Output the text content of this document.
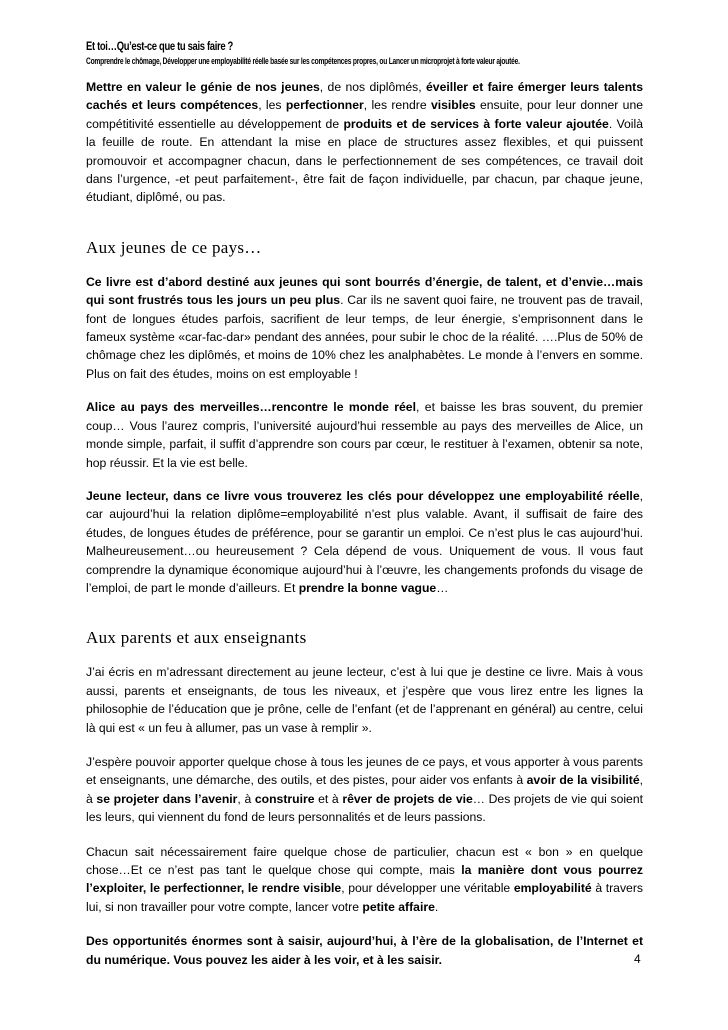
Et toi…Qu’est-ce que tu sais faire ?
Comprendre le chômage, Développer une employabilité réelle basée sur les compétences propres, ou Lancer un microprojet à forte valeur ajoutée.

Mettre en valeur le génie de nos jeunes, de nos diplômés, éveiller et faire émerger leurs talents cachés et leurs compétences, les perfectionner, les rendre visibles ensuite, pour leur donner une compétitivité essentielle au développement de produits et de services à forte valeur ajoutée. Voilà la feuille de route. En attendant la mise en place de structures assez flexibles, et qui puissent promouvoir et accompagner chacun, dans le perfectionnement de ses compétences, ce travail doit dans l’urgence, -et peut parfaitement-, être fait de façon individuelle, par chacun, par chaque jeune, étudiant, diplômé, ou pas.

Aux jeunes de ce pays…

Ce livre est d’abord destiné aux jeunes qui sont bourrés d’énergie, de talent, et d’envie…mais qui sont frustrés tous les jours un peu plus. Car ils ne savent quoi faire, ne trouvent pas de travail, font de longues études parfois, sacrifient de leur temps, de leur énergie, s’emprisonnent dans le fameux système «car-fac-dar» pendant des années, pour subir le choc de la réalité. ….Plus de 50% de chômage chez les diplômés, et moins de 10% chez les analphabètes. Le monde à l’envers en somme. Plus on fait des études, moins on est employable !

Alice au pays des merveilles…rencontre le monde réel, et baisse les bras souvent, du premier coup… Vous l’aurez compris, l’université aujourd’hui ressemble au pays des merveilles de Alice, un monde simple, parfait, il suffit d’apprendre son cours par cœur, le restituer à l’examen, obtenir sa note, hop réussir. Et la vie est belle.

Jeune lecteur, dans ce livre vous trouverez les clés pour développez une employabilité réelle, car aujourd’hui la relation diplôme=employabilité n’est plus valable. Avant, il suffisait de faire des études, de longues études de préférence, pour se garantir un emploi. Ce n’est plus le cas aujourd’hui. Malheureusement…ou heureusement ? Cela dépend de vous. Uniquement de vous. Il vous faut comprendre la dynamique économique aujourd’hui à l’œuvre, les changements profonds du visage de l’emploi, de part le monde d’ailleurs. Et prendre la bonne vague…

Aux parents et aux enseignants

J’ai écris en m’adressant directement au jeune lecteur, c’est à lui que je destine ce livre. Mais à vous aussi, parents et enseignants, de tous les niveaux, et j’espère que vous lirez entre les lignes la philosophie de l’éducation que je prône, celle de l’enfant (et de l’apprenant en général) au centre, celui là qui est « un feu à allumer, pas un vase à remplir ».

J’espère pouvoir apporter quelque chose à tous les jeunes de ce pays, et vous apporter à vous parents et enseignants, une démarche, des outils, et des pistes, pour aider vos enfants à avoir de la visibilité, à se projeter dans l’avenir, à construire et à rêver de projets de vie… Des projets de vie qui soient les leurs, qui viennent du fond de leurs personnalités et de leurs passions.

Chacun sait nécessairement faire quelque chose de particulier, chacun est « bon » en quelque chose…Et ce n’est pas tant le quelque chose qui compte, mais la manière dont vous pourrez l’exploiter, le perfectionner, le rendre visible, pour développer une véritable employabilité à travers lui, si non travailler pour votre compte, lancer votre petite affaire.

Des opportunités énormes sont à saisir, aujourd’hui, à l’ère de la globalisation, de l’Internet et du numérique. Vous pouvez les aider à les voir, et à les saisir.	4
